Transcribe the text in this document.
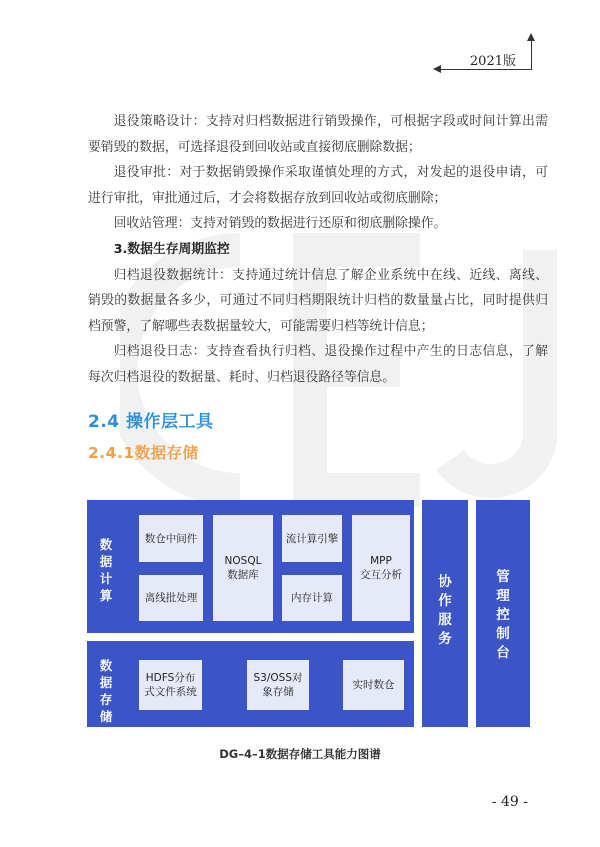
2021版

退役策略设计：支持对归档数据进行销毁操作，可根据字段或时间计算出需要销毁的数据，可选择退役到回收站或直接彻底删除数据；

退役审批：对于数据销毁操作采取谨慎处理的方式，对发起的退役申请，可进行审批，审批通过后，才会将数据存放到回收站或彻底删除；

回收站管理：支持对销毁的数据进行还原和彻底删除操作。

3.数据生存周期监控

归档退役数据统计：支持通过统计信息了解企业系统中在线、近线、离线、销毁的数据量各多少，可通过不同归档期限统计归档的数量量占比，同时提供归档预警，了解哪些表数据量较大，可能需要归档等统计信息；

归档退役日志：支持查看执行归档、退役操作过程中产生的日志信息，了解每次归档退役的数据量、耗时、归档退役路径等信息。

2.4 操作层工具
2.4.1数据存储
数据计算
数仓中间件
离线批处理
NOSQL
数据库
流计算引擎
内存计算
MPP
交互分析
数据存储
HDFS分布
式文件系统
S3/OSS对
象存储
实时数仓
协作服务
管理控制台
DG–4–1数据存储工具能力图谱
- 49 -
